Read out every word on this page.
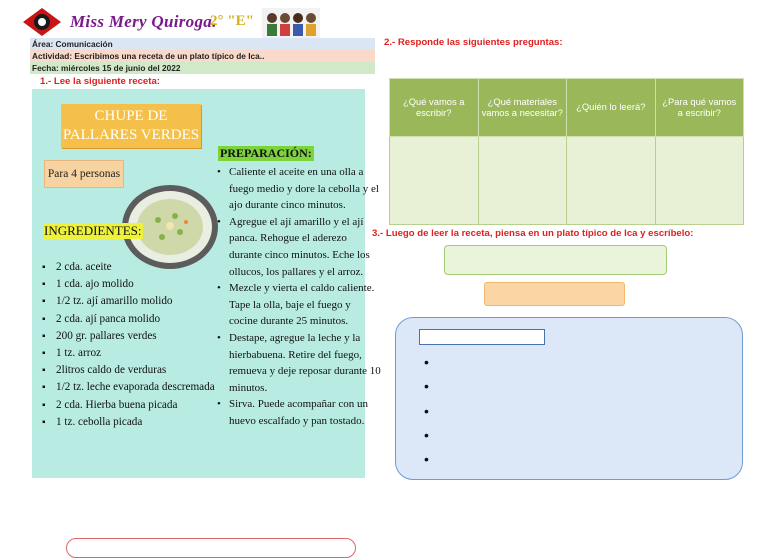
Miss Mery Quiroga.
2° "E"
Área: Comunicación
Actividad: Escribimos una receta de un plato típico de Ica..
Fecha: miércoles 15 de junio del 2022
1.- Lee la siguiente receta:
2.- Responde las siguientes preguntas:
3.- Luego de leer la receta, piensa en un plato típico de Ica y escríbelo:
CHUPE DE PALLARES VERDES
Para 4 personas
INGREDIENTES:
PREPARACIÓN:
▪ 2 cda. aceite
▪ 1 cda. ajo molido
▪ 1/2 tz. ají amarillo molido
▪ 2 cda. ají panca molido
▪ 200 gr. pallares verdes
▪ 1 tz. arroz
▪ 2litros caldo de verduras
▪ 1/2 tz. leche evaporada descremada
▪ 2 cda. Hierba buena picada
▪ 1 tz. cebolla picada
• Caliente el aceite en una olla a fuego medio y dore la cebolla y el ajo durante cinco minutos.
• Agregue el ají amarillo y el ají panca. Rehogue el aderezo durante cinco minutos. Eche los ollucos, los pallares y el arroz.
• Mezcle y vierta el caldo caliente. Tape la olla, baje el fuego y cocine durante 25 minutos.
• Destape, agregue la leche y la hierbabuena. Retire del fuego, remueva y deje reposar durante 10 minutos.
• Sirva. Puede acompañar con un huevo escalfado y pan tostado.
¿Qué vamos a escribir?	¿Qué materiales vamos a necesitar?	¿Quién lo leerá?	¿Para qué vamos a escribir?

•
•
•
•
•
